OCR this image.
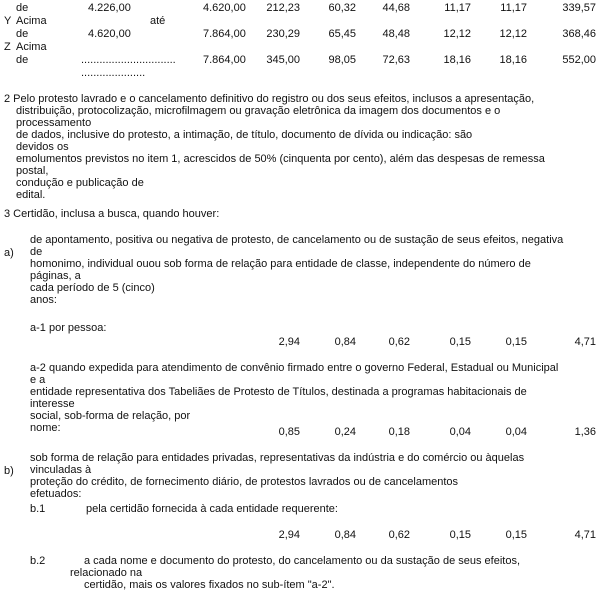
de	4.226,00	4.620,00 212,23	60,32 44,68	11,17	11,17	339,57
Y Acima	até
de	4.620,00	7.864,00 230,29	65,45 48,48	12,12	12,12	368,46
Z Acima
de	............................... 7.864,00 345,00	98,05 72,63	18,16	18,16	552,00
.....................
2 Pelo protesto lavrado e o cancelamento definitivo do registro ou dos seus efeitos, inclusos a apresentação,
distribuição, protocolização, microfilmagem ou gravação eletrônica da imagem dos documentos e o
processamento
de dados, inclusive do protesto, a intimação, de título, documento de dívida ou indicação: são
devidos os
emolumentos previstos no item 1, acrescidos de 50% (cinquenta por cento), além das despesas de remessa
postal,
condução e publicação de
edital.
3 Certidão, inclusa a busca, quando houver:
a)
de apontamento, positiva ou negativa de protesto, de cancelamento ou de sustação de seus efeitos, negativa
de
homonimo, individual ouou sob forma de relação para entidade de classe, independente do número de
páginas, a
cada período de 5 (cinco)
anos:
a-1 por pessoa:
2,94	0,84	0,62	0,15	0,15	4,71
a-2 quando expedida para atendimento de convênio firmado entre o governo Federal, Estadual ou Municipal
e a
entidade representativa dos Tabeliães de Protesto de Títulos, destinada a programas habitacionais de
interesse
social, sob-forma de relação, por
nome:	0,85	0,24	0,18	0,04	0,04	1,36
b)
sob forma de relação para entidades privadas, representativas da indústria e do comércio ou àquelas
vinculadas à
proteção do crédito, de fornecimento diário, de protestos lavrados ou de cancelamentos
efetuados:
b.1	pela certidão fornecida à cada entidade requerente:
2,94	0,84	0,62	0,15	0,15	4,71
b.2	a cada nome e documento do protesto, do cancelamento ou da sustação de seus efeitos,
relacionado na
certidão, mais os valores fixados no sub-ítem "a-2".
